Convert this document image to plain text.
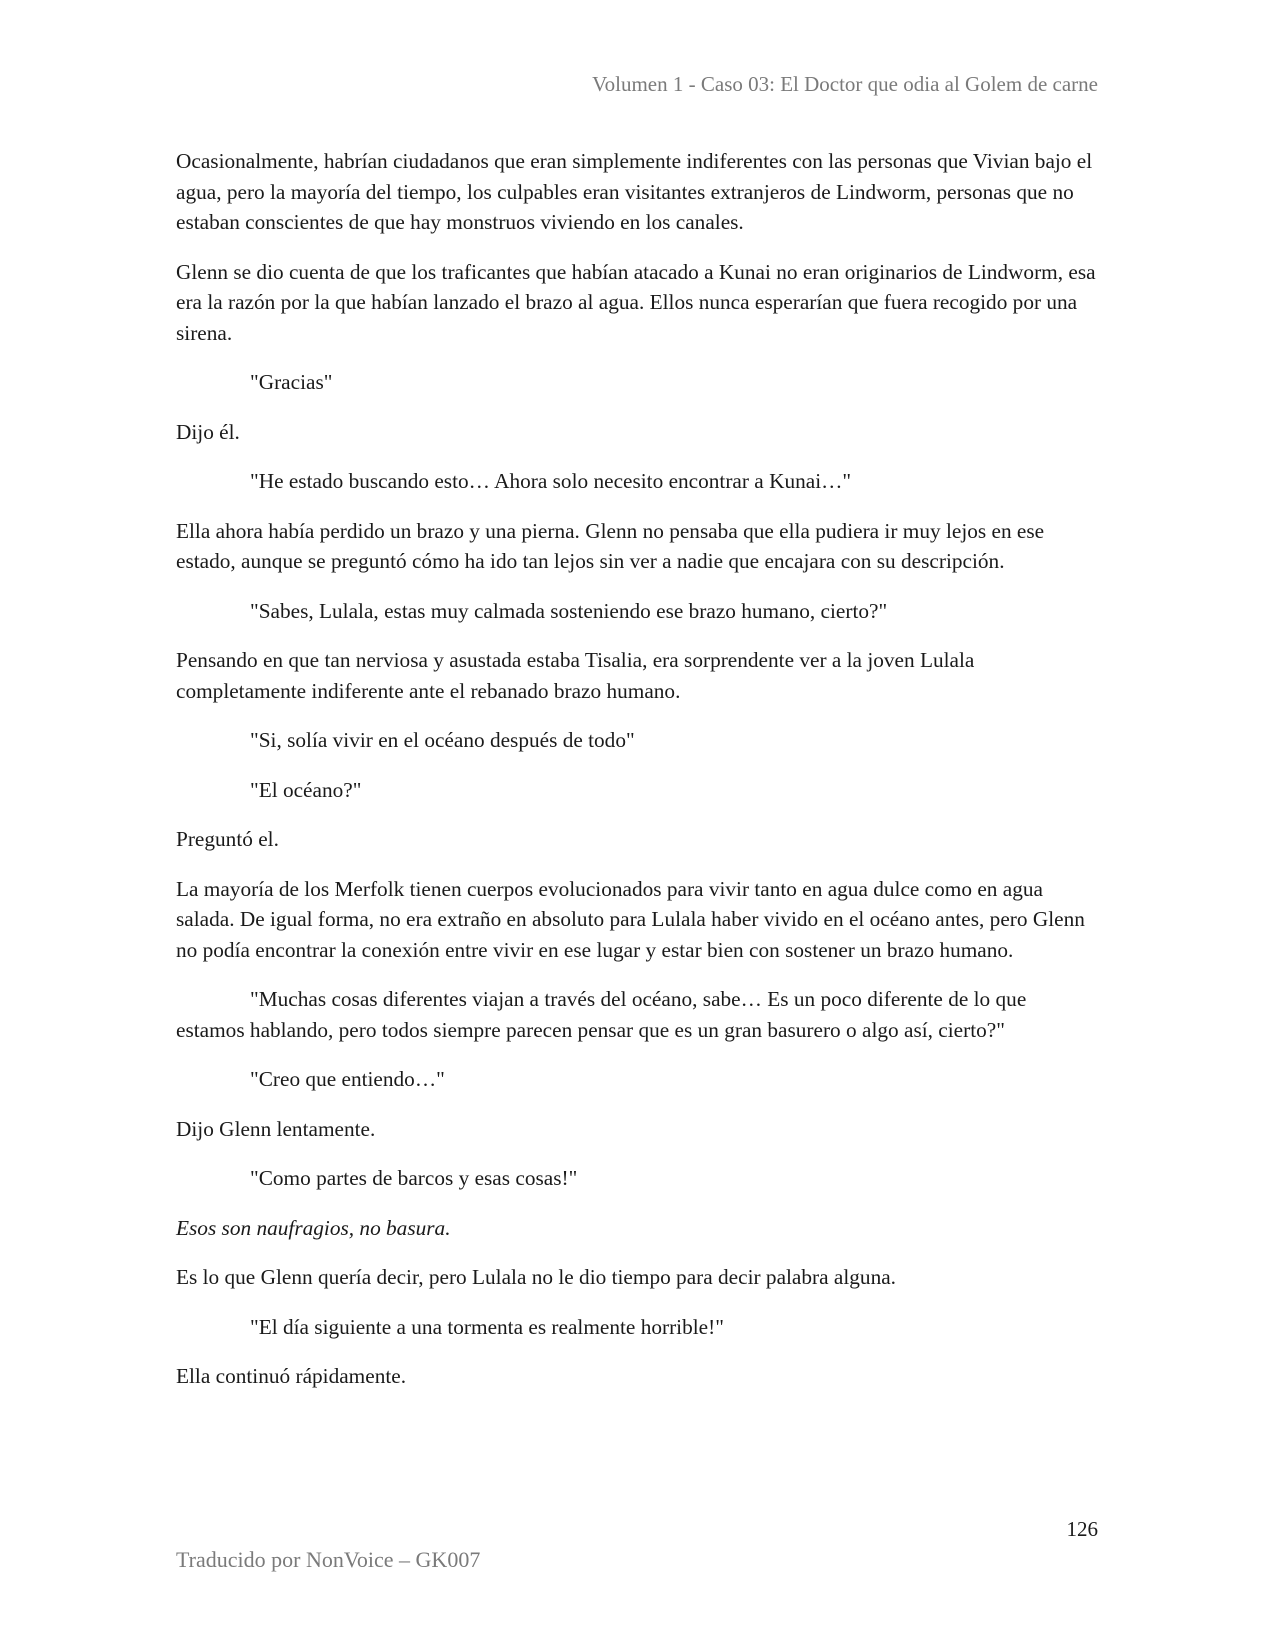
Volumen 1 - Caso 03: El Doctor que odia al Golem de carne

Ocasionalmente, habrían ciudadanos que eran simplemente indiferentes con las personas que Vivian bajo el agua, pero la mayoría del tiempo, los culpables eran visitantes extranjeros de Lindworm, personas que no estaban conscientes de que hay monstruos viviendo en los canales.

Glenn se dio cuenta de que los traficantes que habían atacado a Kunai no eran originarios de Lindworm, esa era la razón por la que habían lanzado el brazo al agua. Ellos nunca esperarían que fuera recogido por una sirena.

"Gracias"

Dijo él.

"He estado buscando esto… Ahora solo necesito encontrar a Kunai…"

Ella ahora había perdido un brazo y una pierna. Glenn no pensaba que ella pudiera ir muy lejos en ese estado, aunque se preguntó cómo ha ido tan lejos sin ver a nadie que encajara con su descripción.

"Sabes, Lulala, estas muy calmada sosteniendo ese brazo humano, cierto?"

Pensando en que tan nerviosa y asustada estaba Tisalia, era sorprendente ver a la joven Lulala completamente indiferente ante el rebanado brazo humano.

"Si, solía vivir en el océano después de todo"

"El océano?"

Preguntó el.

La mayoría de los Merfolk tienen cuerpos evolucionados para vivir tanto en agua dulce como en agua salada. De igual forma, no era extraño en absoluto para Lulala haber vivido en el océano antes, pero Glenn no podía encontrar la conexión entre vivir en ese lugar y estar bien con sostener un brazo humano.

"Muchas cosas diferentes viajan a través del océano, sabe… Es un poco diferente de lo que estamos hablando, pero todos siempre parecen pensar que es un gran basurero o algo así, cierto?"

"Creo que entiendo…"

Dijo Glenn lentamente.

"Como partes de barcos y esas cosas!"

Esos son naufragios, no basura.

Es lo que Glenn quería decir, pero Lulala no le dio tiempo para decir palabra alguna.

"El día siguiente a una tormenta es realmente horrible!"

Ella continuó rápidamente.

126
Traducido por NonVoice – GK007
